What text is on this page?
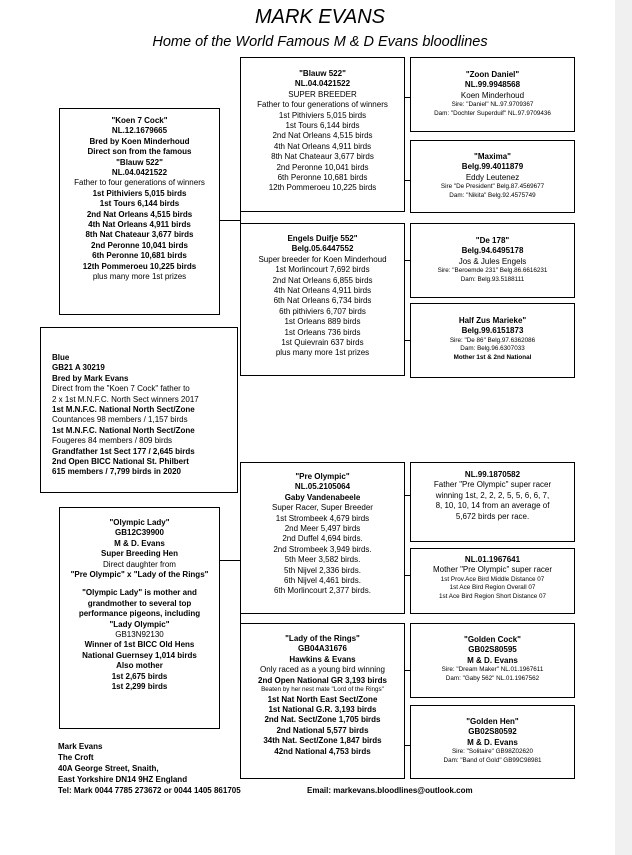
MARK EVANS
Home of the World Famous M & D Evans bloodlines
"Koen 7 Cock"
NL.12.1679665
Bred by Koen Minderhoud
Direct son from the famous
"Blauw 522"
NL.04.0421522
Father to four generations of winners
1st Pithiviers 5,015 birds
1st Tours 6,144 birds
2nd Nat Orleans 4,515 birds
4th Nat Orleans 4,911 birds
8th Nat Chateaur 3,677 birds
2nd Peronne 10,041 birds
6th Peronne 10,681 birds
12th Pommeroeu 10,225 birds
plus many more 1st prizes
Blue
GB21 A 30219
Bred by Mark Evans
Direct from the "Koen 7 Cock" father to
2 x 1st M.N.F.C. North Sect winners 2017
1st M.N.F.C. National North Sect/Zone
Countances 98 members / 1,157 birds
1st M.N.F.C. National North Sect/Zone
Fougeres 84 members / 809 birds
Grandfather 1st Sect 177 / 2,645 birds
2nd Open BICC National St. Philbert
615 members / 7,799 birds in 2020
"Olympic Lady"
GB12C39900
M & D. Evans
Super Breeding Hen
Direct daughter from
"Pre Olympic" x "Lady of the Rings"
"Olympic Lady" is mother and
grandmother to several top
performance pigeons, including
"Lady Olympic"
GB13N92130
Winner of 1st BICC Old Hens
National Guernsey 1,014 birds
Also mother
1st 2,675 birds
1st 2,299 birds
"Blauw 522"
NL.04.0421522
SUPER BREEDER
Father to four generations of winners
1st Pithiviers 5,015 birds
1st Tours 6,144 birds
2nd Nat Orleans 4,515 birds
4th Nat Orleans 4,911 birds
8th Nat Chateaur 3,677 birds
2nd Peronne 10,041 birds
6th Peronne 10,681 birds
12th Pommeroeu 10,225 birds
Engels Duifje 552"
Belg.05.6447552
Super breeder for Koen Minderhoud
1st Morlincourt 7,692 birds
2nd Nat Orleans 6,855 birds
4th Nat Orleans 4,911 birds
6th Nat Orleans 6,734 birds
6th pithiviers 6,707 birds
1st Orleans 889 birds
1st Orleans 736 birds
1st Quievrain 637 birds
plus many more 1st prizes
"Pre Olympic"
NL.05.2105064
Gaby Vandenabeele
Super Racer, Super Breeder
1st Strombeek 4,679 birds
2nd Meer 5,497 birds
2nd Duffel 4,694 birds.
2nd Strombeek 3,949 birds.
5th Meer 3,582 birds.
5th Nijvel 2,336 birds.
6th Nijvel 4,461 birds.
6th Morlincourt 2,377 birds.
"Lady of the Rings"
GB04A31676
Hawkins & Evans
Only raced as a young bird winning
2nd Open National GR 3,193 birds
Beaten by her nest mate "Lord of the Rings"
1st Nat North East Sect/Zone
1st National G.R. 3,193 birds
2nd Nat. Sect/Zone 1,705 birds
2nd National 5,577 birds
34th Nat. Sect/Zone 1,847 birds
42nd National 4,753 birds
"Zoon Daniel"
NL.99.9948568
Koen Minderhoud
Sire: "Daniel" NL.97.9709367
Dam: "Dochter Superduif" NL.97.9709436
"Maxima"
Belg.99.4011879
Eddy Leutenez
Sire "De President" Belg.87.4569677
Dam: "Nikita" Belg.92.4575749
"De 178"
Belg.94.6495178
Jos & Jules Engels
Sire: "Beroemde 231" Belg.86.6616231
Dam: Belg.93.5188111
Half Zus Marieke"
Belg.99.6151873
Sire: "De 86" Belg.97.6362086
Dam: Belg.96.6307033
Mother 1st & 2nd National
NL.99.1870582
Father "Pre Olympic" super racer
winning 1st, 2, 2, 2, 5, 5, 6, 6, 7,
8, 10, 10, 14 from an average of
5,672 birds per race.
NL.01.1967641
Mother "Pre Olympic" super racer
1st Prov.Ace Bird Middle Distance 07
1st Ace Bird Region Overall 07
1st Ace Bird Region Short Distance 07
"Golden Cock"
GB02S80595
M & D. Evans
Sire: "Dream Maker" NL.01.1967611
Dam: "Gaby 562" NL.01.1967562
"Golden Hen"
GB02S80592
M & D. Evans
Sire: "Solitaire" GB98Z02620
Dam: "Band of Gold" GB99C98981
Mark Evans
The Croft
40A George Street, Snaith,
East Yorkshire DN14 9HZ England
Tel: Mark 0044 7785 273672 or 0044 1405 861705	Email: markevans.bloodlines@outlook.com
